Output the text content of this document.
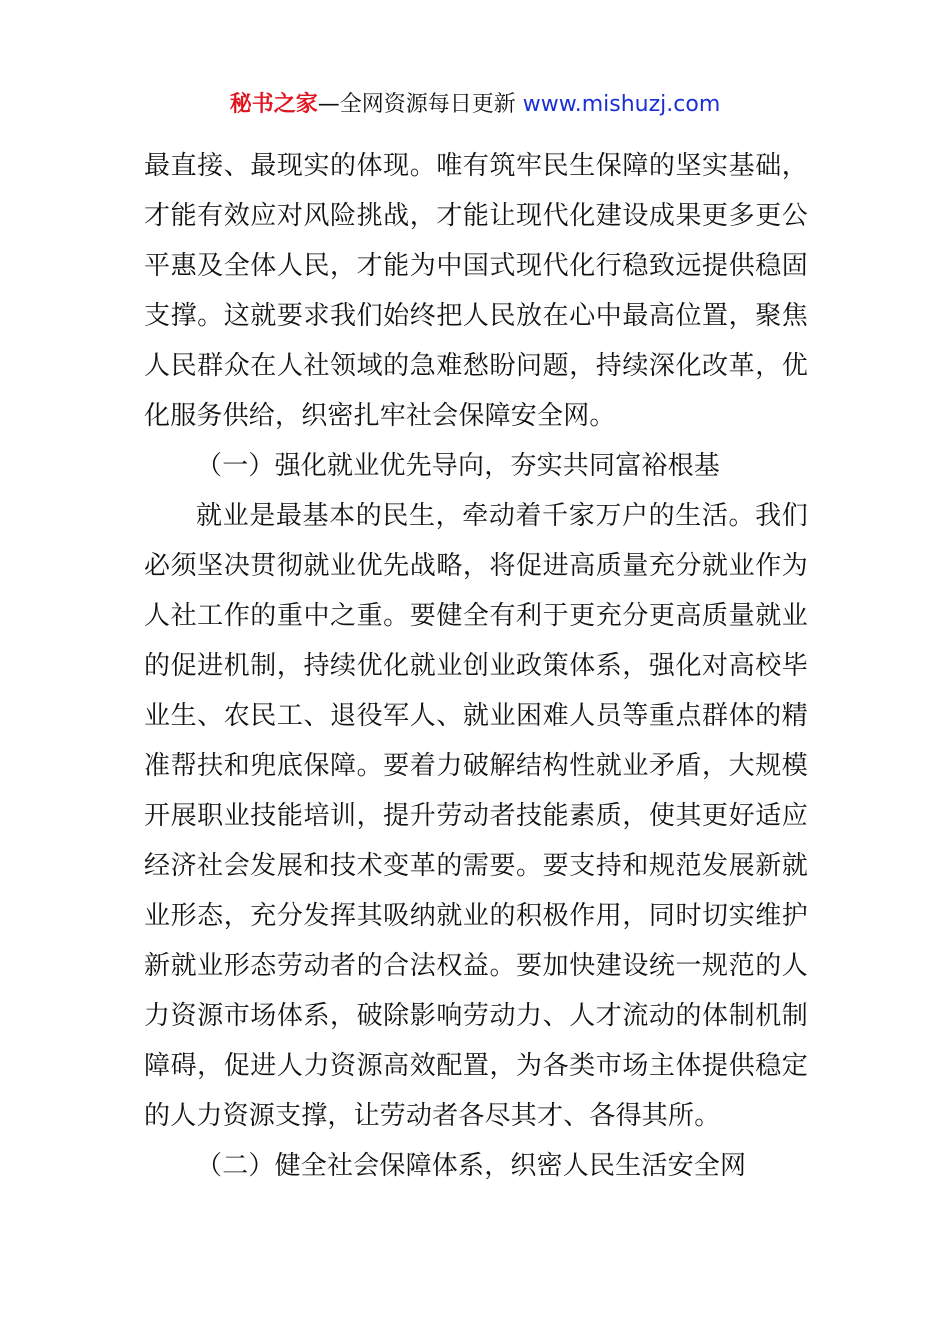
秘书之家—全网资源每日更新 www.mishuzj.com
最直接、最现实的体现。唯有筑牢民生保障的坚实基础，
才能有效应对风险挑战，才能让现代化建设成果更多更公
平惠及全体人民，才能为中国式现代化行稳致远提供稳固
支撑。这就要求我们始终把人民放在心中最高位置，聚焦
人民群众在人社领域的急难愁盼问题，持续深化改革，优
化服务供给，织密扎牢社会保障安全网。
（一）强化就业优先导向，夯实共同富裕根基
就业是最基本的民生，牵动着千家万户的生活。我们
必须坚决贯彻就业优先战略，将促进高质量充分就业作为
人社工作的重中之重。要健全有利于更充分更高质量就业
的促进机制，持续优化就业创业政策体系，强化对高校毕
业生、农民工、退役军人、就业困难人员等重点群体的精
准帮扶和兜底保障。要着力破解结构性就业矛盾，大规模
开展职业技能培训，提升劳动者技能素质，使其更好适应
经济社会发展和技术变革的需要。要支持和规范发展新就
业形态，充分发挥其吸纳就业的积极作用，同时切实维护
新就业形态劳动者的合法权益。要加快建设统一规范的人
力资源市场体系，破除影响劳动力、人才流动的体制机制
障碍，促进人力资源高效配置，为各类市场主体提供稳定
的人力资源支撑，让劳动者各尽其才、各得其所。
（二）健全社会保障体系，织密人民生活安全网
